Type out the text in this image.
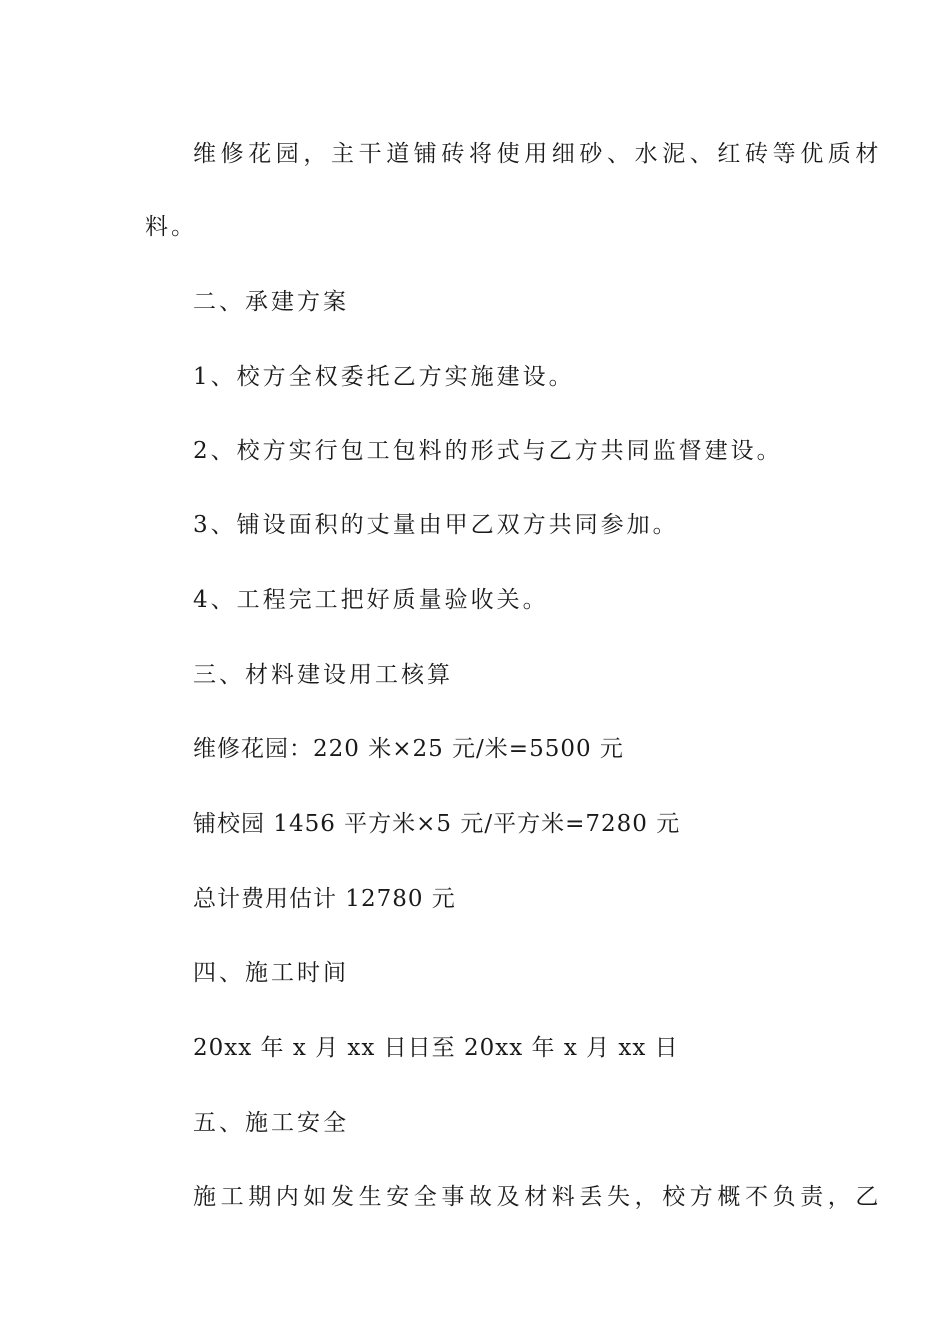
维修花园，主干道铺砖将使用细砂、水泥、红砖等优质材
料。
二、承建方案
1、校方全权委托乙方实施建设。
2、校方实行包工包料的形式与乙方共同监督建设。
3、铺设面积的丈量由甲乙双方共同参加。
4、工程完工把好质量验收关。
三、材料建设用工核算
维修花园：220 米×25 元/米=5500 元
铺校园 1456 平方米×5 元/平方米=7280 元
总计费用估计 12780 元
四、施工时间
20xx 年 x 月 xx 日日至 20xx 年 x 月 xx 日
五、施工安全
施工期内如发生安全事故及材料丢失，校方概不负责，乙
